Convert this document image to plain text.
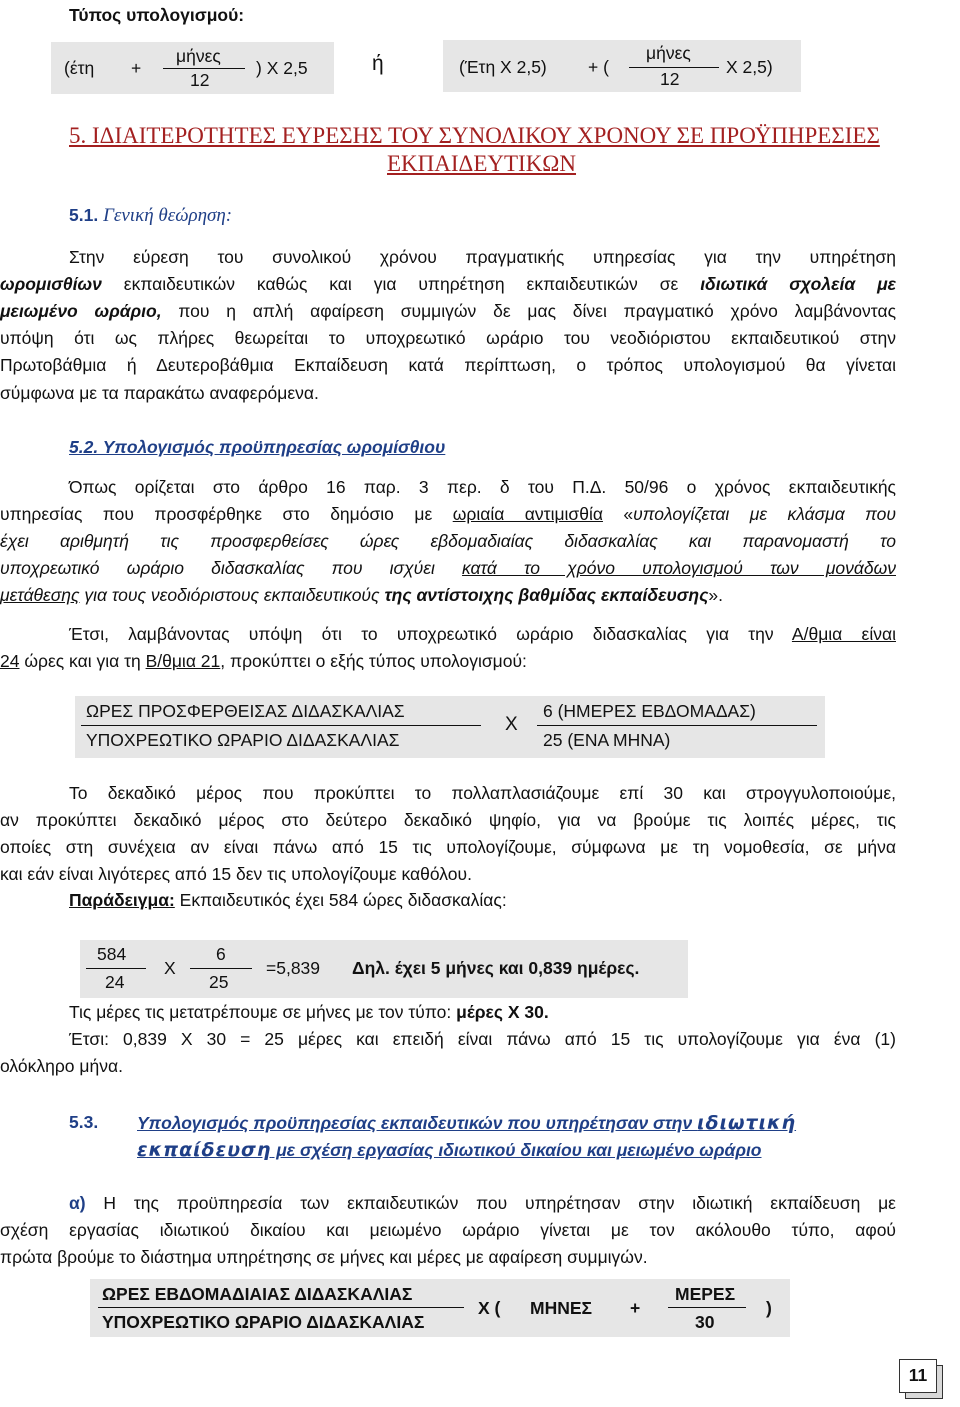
Τύπος υπολογισμού:
(έτη +
μήνες
12
) Χ 2,5	ή	(Έτη Χ 2,5) + (
μήνες
12
Χ 2,5)
5. ΙΔΙΑΙΤΕΡΟΤΗΤΕΣ ΕΥΡΕΣΗΣ ΤΟΥ ΣΥΝΟΛΙΚΟΥ ΧΡΟΝΟΥ ΣΕ ΠΡΟΫΠΗΡΕΣΙΕΣ
ΕΚΠΑΙΔΕΥΤΙΚΩΝ
5.1. Γενική θεώρηση:
Στην εύρεση του συνολικού χρόνου πραγματικής υπηρεσίας για την υπηρέτηση
ωρομισθίων εκπαιδευτικών καθώς και για υπηρέτηση εκπαιδευτικών σε ιδιωτικά σχολεία με
μειωμένο ωράριο, που η απλή αφαίρεση συμμιγών δε μας δίνει πραγματικό χρόνο λαμβάνοντας
υπόψη ότι ως πλήρες θεωρείται το υποχρεωτικό ωράριο του νεοδιόριστου εκπαιδευτικού στην
Πρωτοβάθμια ή Δευτεροβάθμια Εκπαίδευση κατά περίπτωση, ο τρόπος υπολογισμού θα γίνεται
σύμφωνα με τα παρακάτω αναφερόμενα.
5.2. Υπολογισμός προϋπηρεσίας ωρομίσθιου
Όπως ορίζεται στο άρθρο 16 παρ. 3 περ. δ του Π.Δ. 50/96 ο χρόνος εκπαιδευτικής
υπηρεσίας που προσφέρθηκε στο δημόσιο με ωριαία αντιμισθία «υπολογίζεται με κλάσμα που
έχει αριθμητή τις προσφερθείσες ώρες εβδομαδιαίας διδασκαλίας και παρανομαστή το
υποχρεωτικό ωράριο διδασκαλίας που ισχύει κατά το χρόνο υπολογισμού των μονάδων
μετάθεσης για τους νεοδιόριστους εκπαιδευτικούς της αντίστοιχης βαθμίδας εκπαίδευσης».
Έτσι, λαμβάνοντας υπόψη ότι το υποχρεωτικό ωράριο διδασκαλίας για την Α/θμια είναι
24 ώρες και για τη Β/θμια 21, προκύπτει ο εξής τύπος υπολογισμού:
ΩΡΕΣ ΠΡΟΣΦΕΡΘΕΙΣΑΣ ΔΙΔΑΣΚΑΛΙΑΣ
ΥΠΟΧΡΕΩΤΙΚΟ ΩΡΑΡΙΟ ΔΙΔΑΣΚΑΛΙΑΣ
Χ
6 (ΗΜΕΡΕΣ ΕΒΔΟΜΑΔΑΣ)
25 (ΕΝΑ ΜΗΝΑ)
Το δεκαδικό μέρος που προκύπτει το πολλαπλασιάζουμε επί 30 και στρογγυλοποιούμε,
αν προκύπτει δεκαδικό μέρος στο δεύτερο δεκαδικό ψηφίο, για να βρούμε τις λοιπές μέρες, τις
οποίες στη συνέχεια αν είναι πάνω από 15 τις υπολογίζουμε, σύμφωνα με τη νομοθεσία, σε μήνα
και εάν είναι λιγότερες από 15 δεν τις υπολογίζουμε καθόλου.
Παράδειγμα: Εκπαιδευτικός έχει 584 ώρες διδασκαλίας:
584
24
Χ
6
25
=5,839 Δηλ. έχει 5 μήνες και 0,839 ημέρες.
Τις μέρες τις μετατρέπουμε σε μήνες με τον τύπο: μέρες Χ 30.
Έτσι: 0,839 Χ 30 = 25 μέρες και επειδή είναι πάνω από 15 τις υπολογίζουμε για ένα (1)
ολόκληρο μήνα.
5.3. Υπολογισμός προϋπηρεσίας εκπαιδευτικών που υπηρέτησαν στην ιδιωτική
εκπαίδευση με σχέση εργασίας ιδιωτικού δικαίου και μειωμένο ωράριο
α) Η της προϋπηρεσία των εκπαιδευτικών που υπηρέτησαν στην ιδιωτική εκπαίδευση με
σχέση εργασίας ιδιωτικού δικαίου και μειωμένο ωράριο γίνεται με τον ακόλουθο τύπο, αφού
πρώτα βρούμε το διάστημα υπηρέτησης σε μήνες και μέρες με αφαίρεση συμμιγών.
ΩΡΕΣ ΕΒΔΟΜΑΔΙΑΙΑΣ ΔΙΔΑΣΚΑΛΙΑΣ
ΥΠΟΧΡΕΩΤΙΚΟ ΩΡΑΡΙΟ ΔΙΔΑΣΚΑΛΙΑΣ
Χ ( ΜΗΝΕΣ +
ΜΕΡΕΣ
30
)
11
